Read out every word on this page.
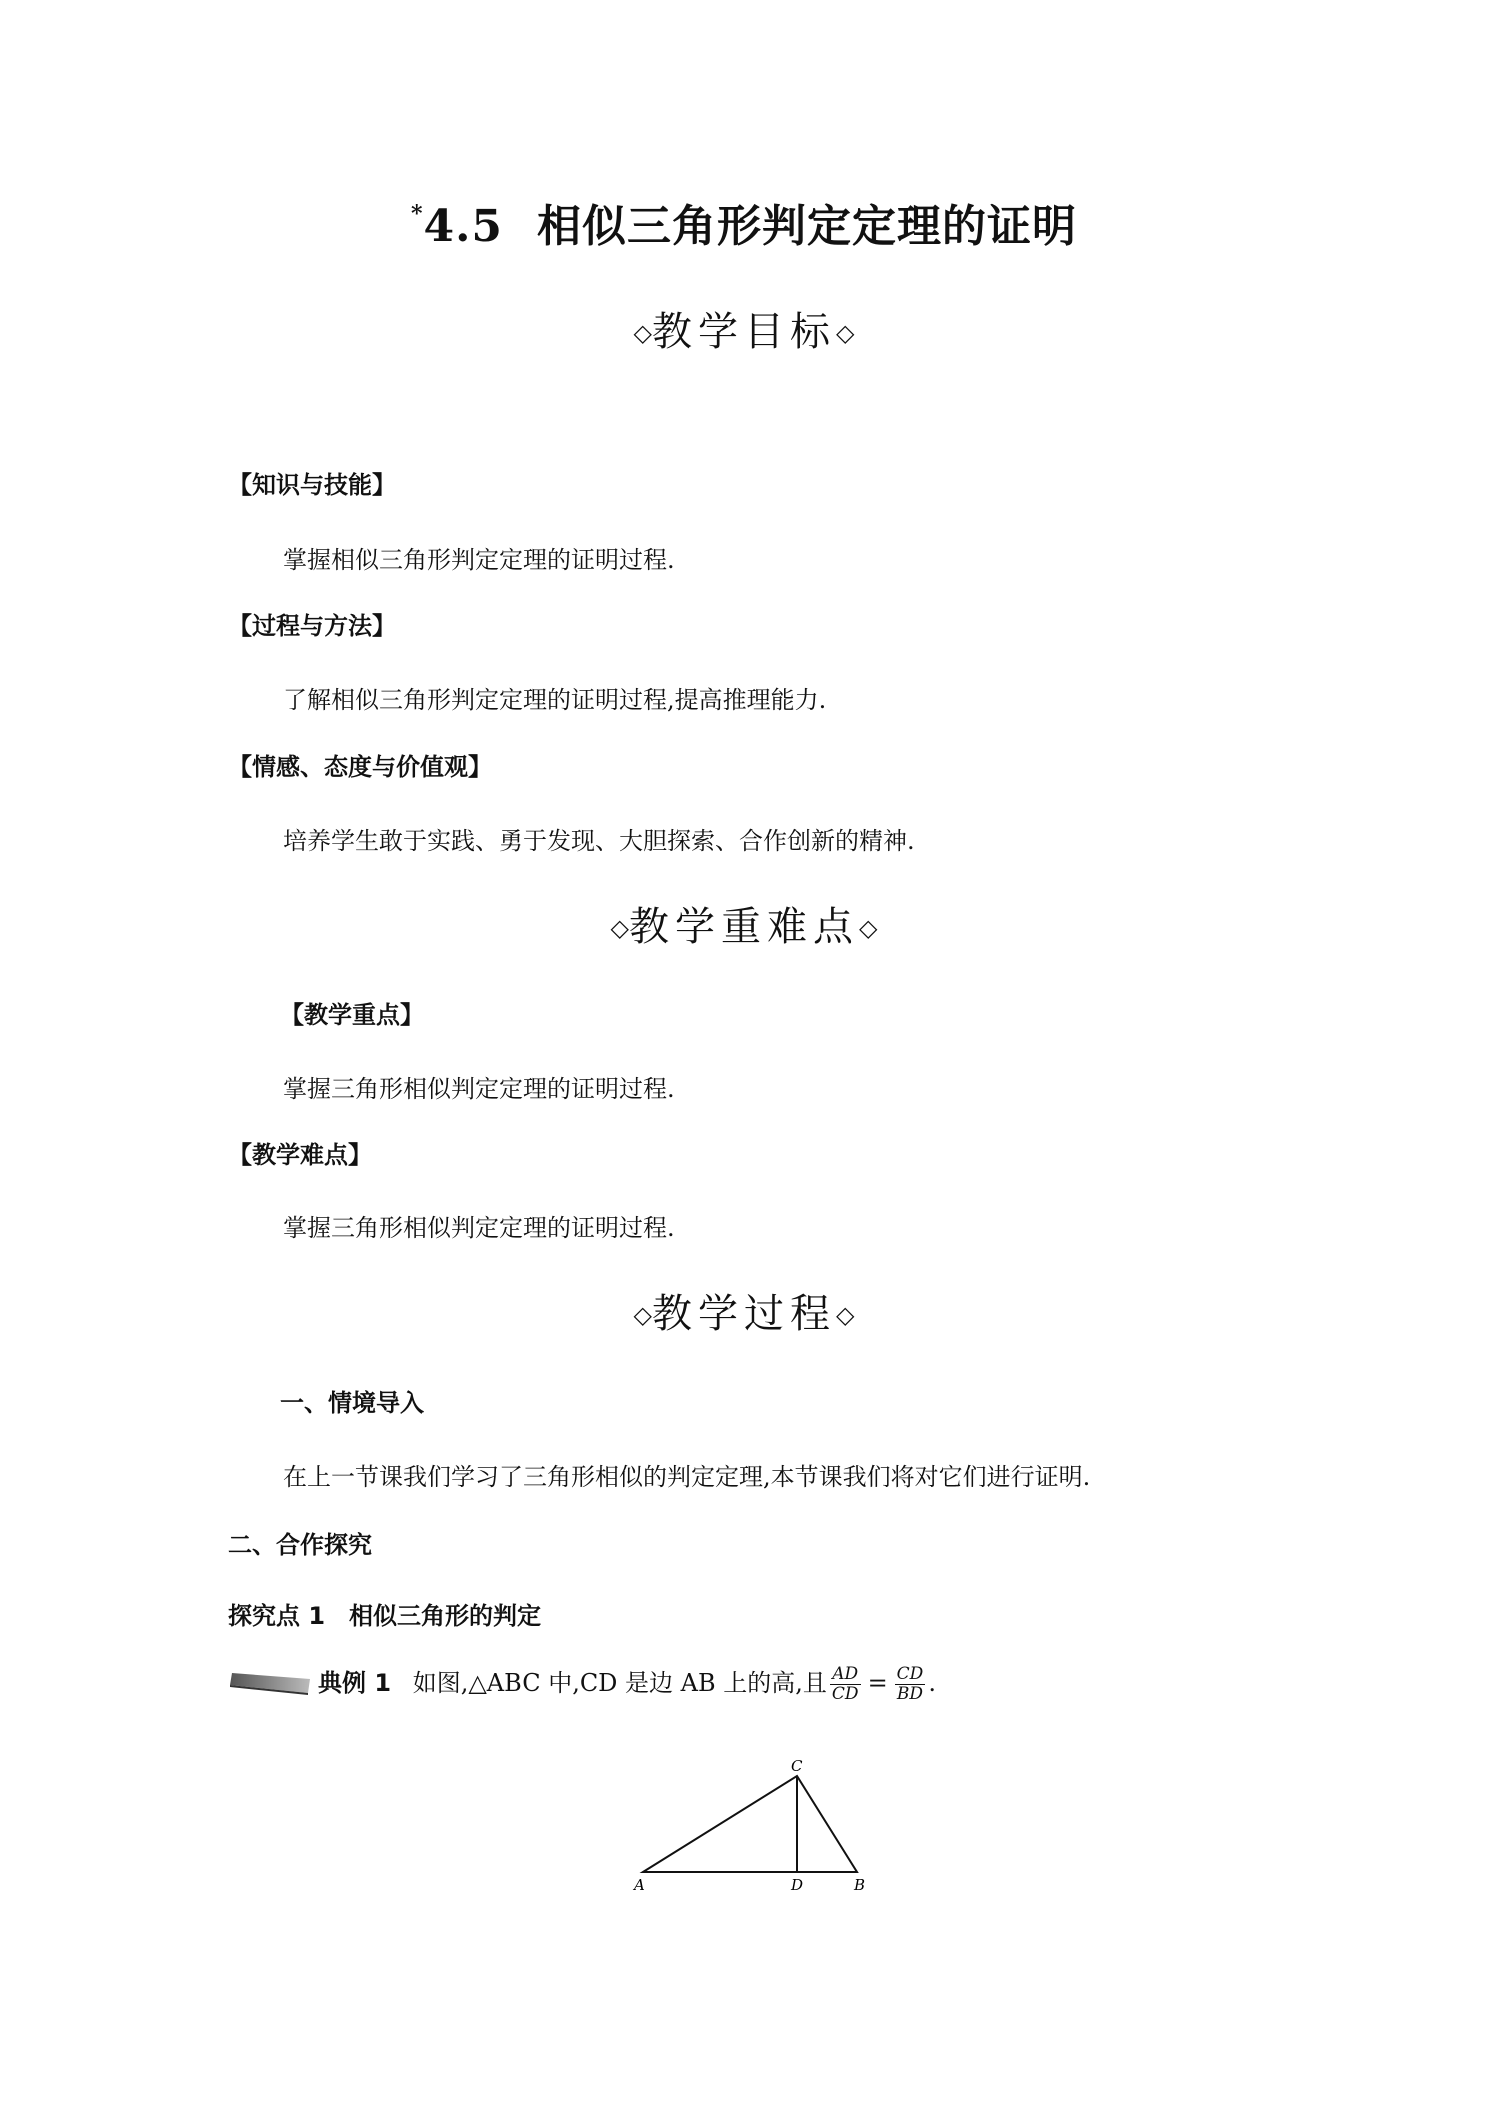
*4.5 相似三角形判定定理的证明
◇教学目标◇
【知识与技能】
掌握相似三角形判定定理的证明过程.
【过程与方法】
了解相似三角形判定定理的证明过程,提高推理能力.
【情感、态度与价值观】
培养学生敢于实践、勇于发现、大胆探索、合作创新的精神.
◇教学重难点◇
【教学重点】
掌握三角形相似判定定理的证明过程.
【教学难点】
掌握三角形相似判定定理的证明过程.
◇教学过程◇
一、情境导入
在上一节课我们学习了三角形相似的判定定理,本节课我们将对它们进行证明.
二、合作探究
探究点 1　相似三角形的判定
典例 1 如图,△ABC 中,CD 是边 AB 上的高,且 $\frac{AD}{CD} = \frac{CD}{BD}$ .
A
C
D	B
